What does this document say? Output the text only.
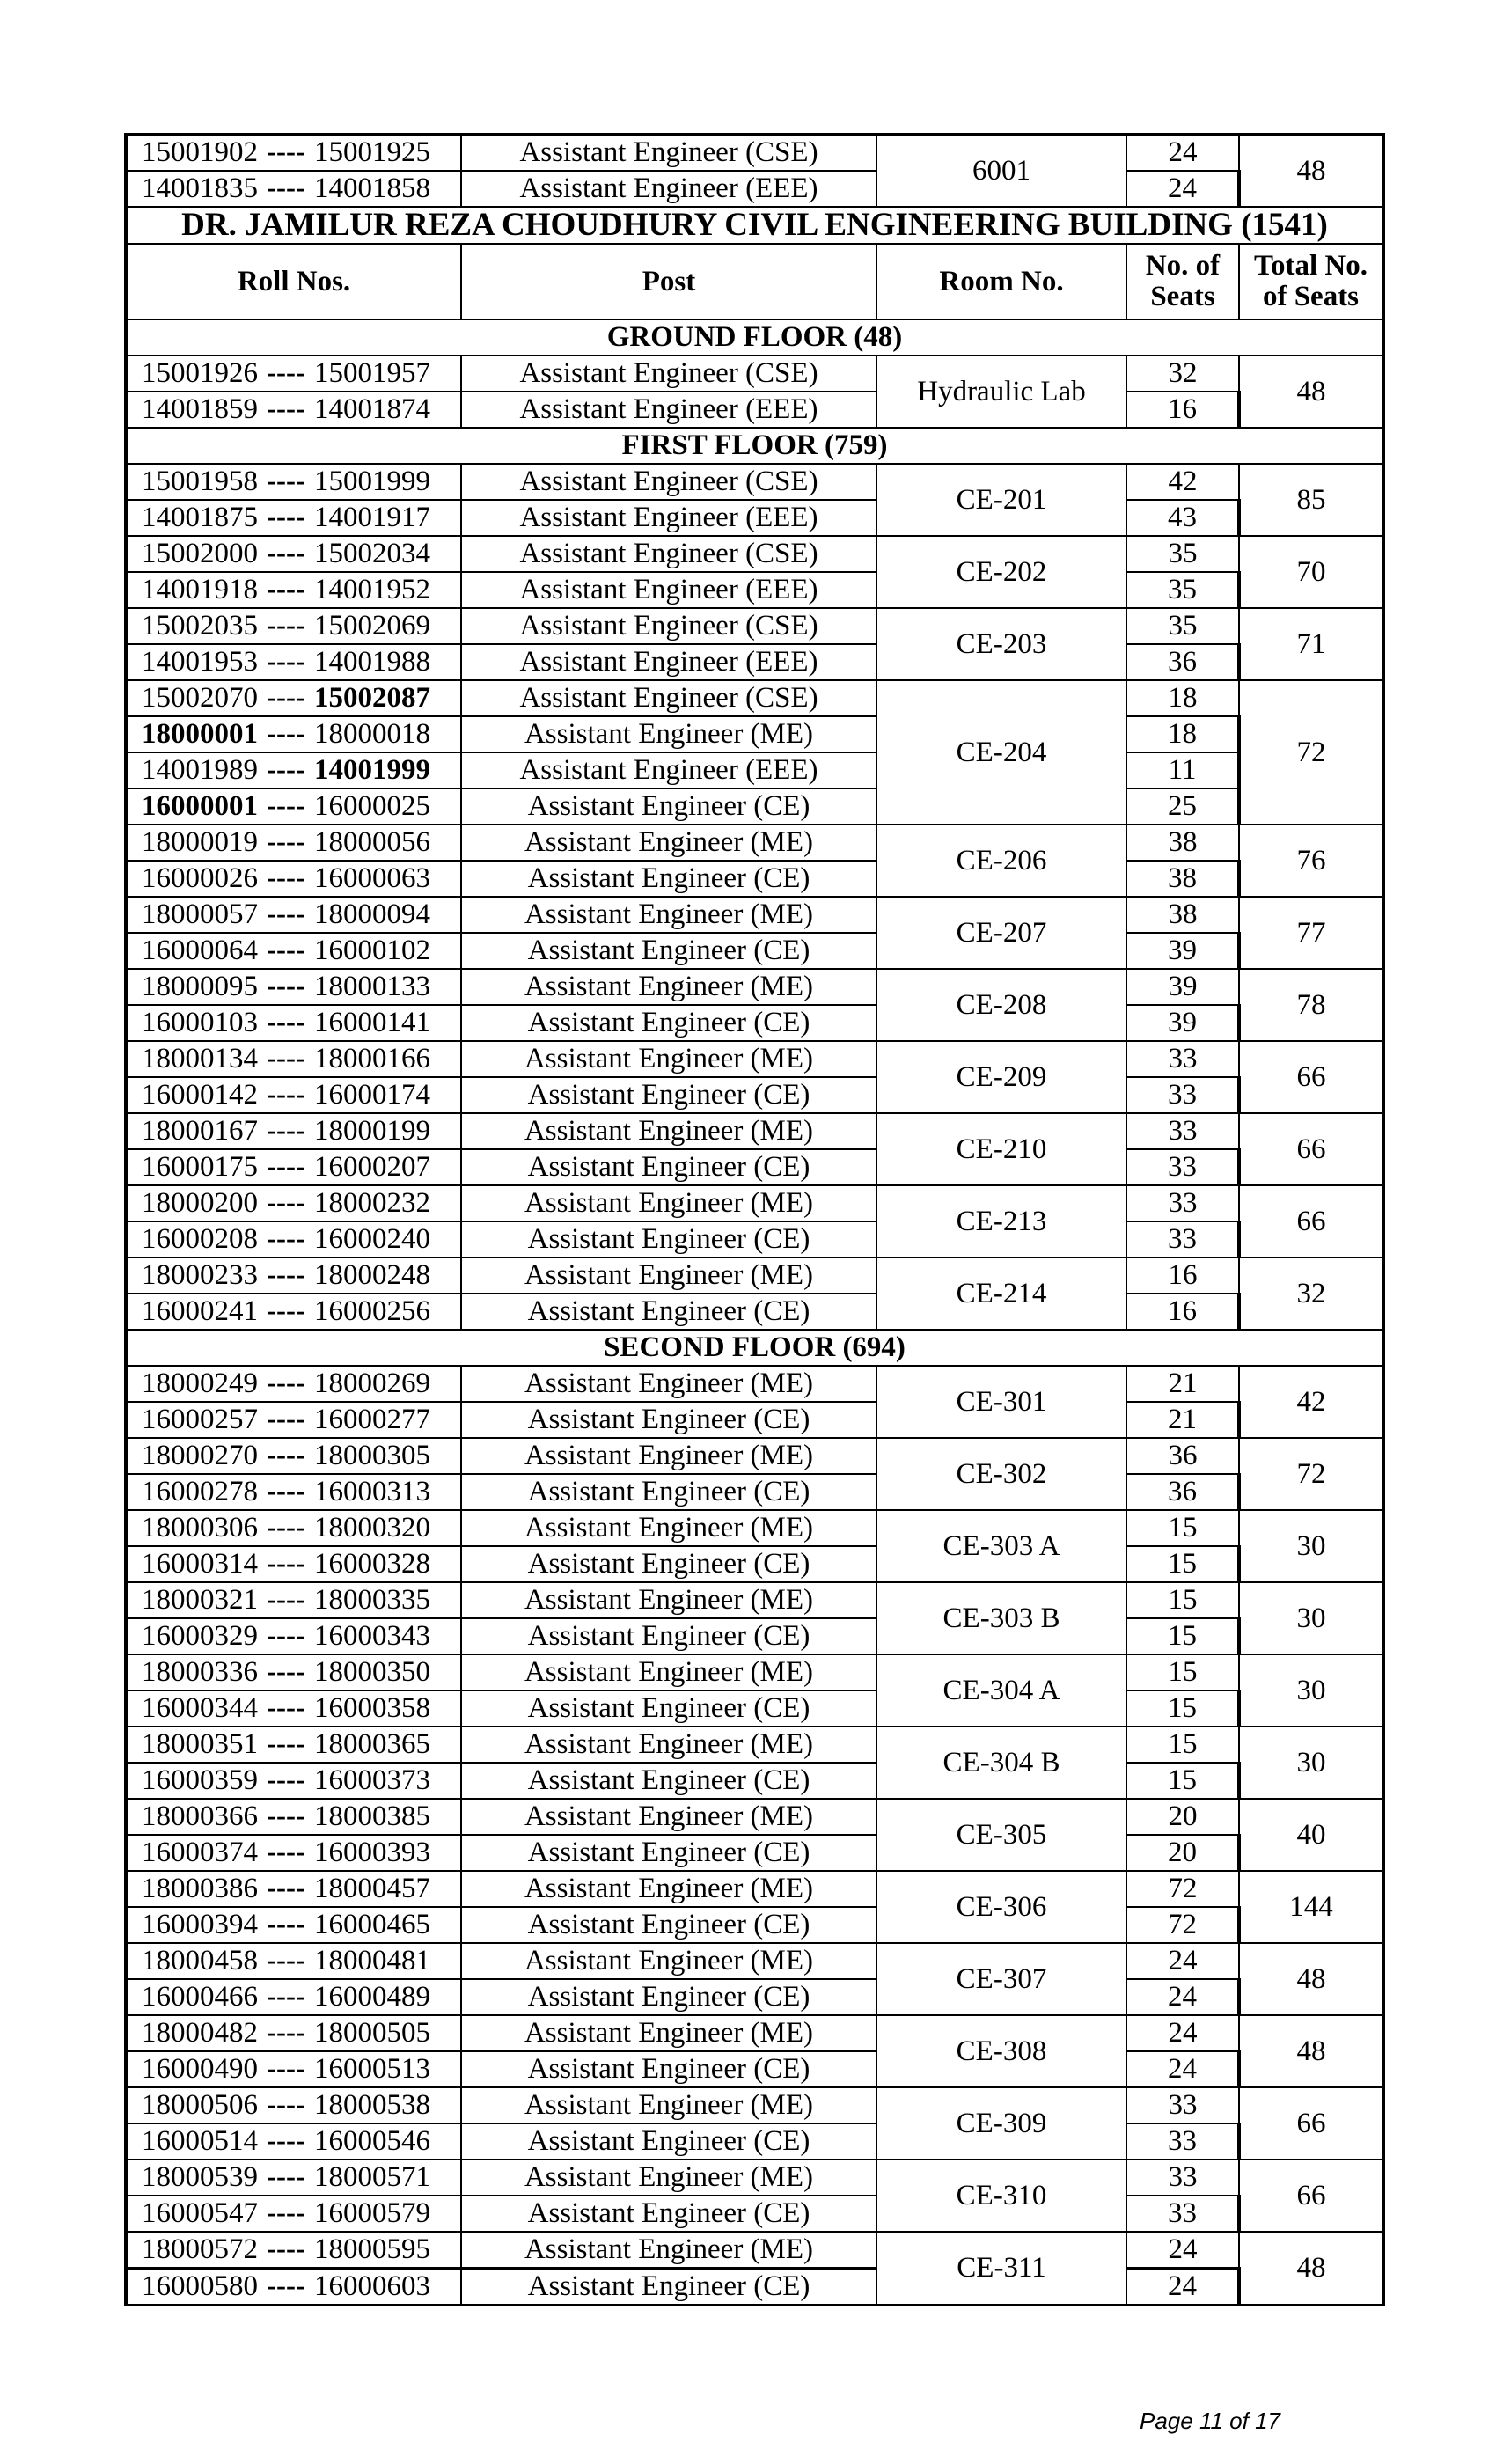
15001902 ---- 15001925	Assistant Engineer (CSE)	6001	24	48
14001835 ---- 14001858	Assistant Engineer (EEE)		24	
DR. JAMILUR REZA CHOUDHURY CIVIL ENGINEERING BUILDING (1541)				
Roll Nos.	Post	Room No.	No. of Seats	Total No. of Seats
GROUND FLOOR (48)				
15001926 ---- 15001957	Assistant Engineer (CSE)	Hydraulic Lab	32	48
14001859 ---- 14001874	Assistant Engineer (EEE)		16	
FIRST FLOOR (759)				
15001958 ---- 15001999	Assistant Engineer (CSE)	CE-201	42	85
14001875 ---- 14001917	Assistant Engineer (EEE)		43	
15002000 ---- 15002034	Assistant Engineer (CSE)	CE-202	35	70
14001918 ---- 14001952	Assistant Engineer (EEE)		35	
15002035 ---- 15002069	Assistant Engineer (CSE)	CE-203	35	71
14001953 ---- 14001988	Assistant Engineer (EEE)		36	
15002070 ---- 15002087	Assistant Engineer (CSE)	CE-204	18	72
18000001 ---- 18000018	Assistant Engineer (ME)		18	
14001989 ---- 14001999	Assistant Engineer (EEE)		11	
16000001 ---- 16000025	Assistant Engineer (CE)		25	
18000019 ---- 18000056	Assistant Engineer (ME)	CE-206	38	76
16000026 ---- 16000063	Assistant Engineer (CE)		38	
18000057 ---- 18000094	Assistant Engineer (ME)	CE-207	38	77
16000064 ---- 16000102	Assistant Engineer (CE)		39	
18000095 ---- 18000133	Assistant Engineer (ME)	CE-208	39	78
16000103 ---- 16000141	Assistant Engineer (CE)		39	
18000134 ---- 18000166	Assistant Engineer (ME)	CE-209	33	66
16000142 ---- 16000174	Assistant Engineer (CE)		33	
18000167 ---- 18000199	Assistant Engineer (ME)	CE-210	33	66
16000175 ---- 16000207	Assistant Engineer (CE)		33	
18000200 ---- 18000232	Assistant Engineer (ME)	CE-213	33	66
16000208 ---- 16000240	Assistant Engineer (CE)		33	
18000233 ---- 18000248	Assistant Engineer (ME)	CE-214	16	32
16000241 ---- 16000256	Assistant Engineer (CE)		16	
SECOND FLOOR (694)				
18000249 ---- 18000269	Assistant Engineer (ME)	CE-301	21	42
16000257 ---- 16000277	Assistant Engineer (CE)		21	
18000270 ---- 18000305	Assistant Engineer (ME)	CE-302	36	72
16000278 ---- 16000313	Assistant Engineer (CE)		36	
18000306 ---- 18000320	Assistant Engineer (ME)	CE-303 A	15	30
16000314 ---- 16000328	Assistant Engineer (CE)		15	
18000321 ---- 18000335	Assistant Engineer (ME)	CE-303 B	15	30
16000329 ---- 16000343	Assistant Engineer (CE)		15	
18000336 ---- 18000350	Assistant Engineer (ME)	CE-304 A	15	30
16000344 ---- 16000358	Assistant Engineer (CE)		15	
18000351 ---- 18000365	Assistant Engineer (ME)	CE-304 B	15	30
16000359 ---- 16000373	Assistant Engineer (CE)		15	
18000366 ---- 18000385	Assistant Engineer (ME)	CE-305	20	40
16000374 ---- 16000393	Assistant Engineer (CE)		20	
18000386 ---- 18000457	Assistant Engineer (ME)	CE-306	72	144
16000394 ---- 16000465	Assistant Engineer (CE)		72	
18000458 ---- 18000481	Assistant Engineer (ME)	CE-307	24	48
16000466 ---- 16000489	Assistant Engineer (CE)		24	
18000482 ---- 18000505	Assistant Engineer (ME)	CE-308	24	48
16000490 ---- 16000513	Assistant Engineer (CE)		24	
18000506 ---- 18000538	Assistant Engineer (ME)	CE-309	33	66
16000514 ---- 16000546	Assistant Engineer (CE)		33	
18000539 ---- 18000571	Assistant Engineer (ME)	CE-310	33	66
16000547 ---- 16000579	Assistant Engineer (CE)		33	
18000572 ---- 18000595	Assistant Engineer (ME)	CE-311	24	48
16000580 ---- 16000603	Assistant Engineer (CE)		24	
Page 11 of 17
